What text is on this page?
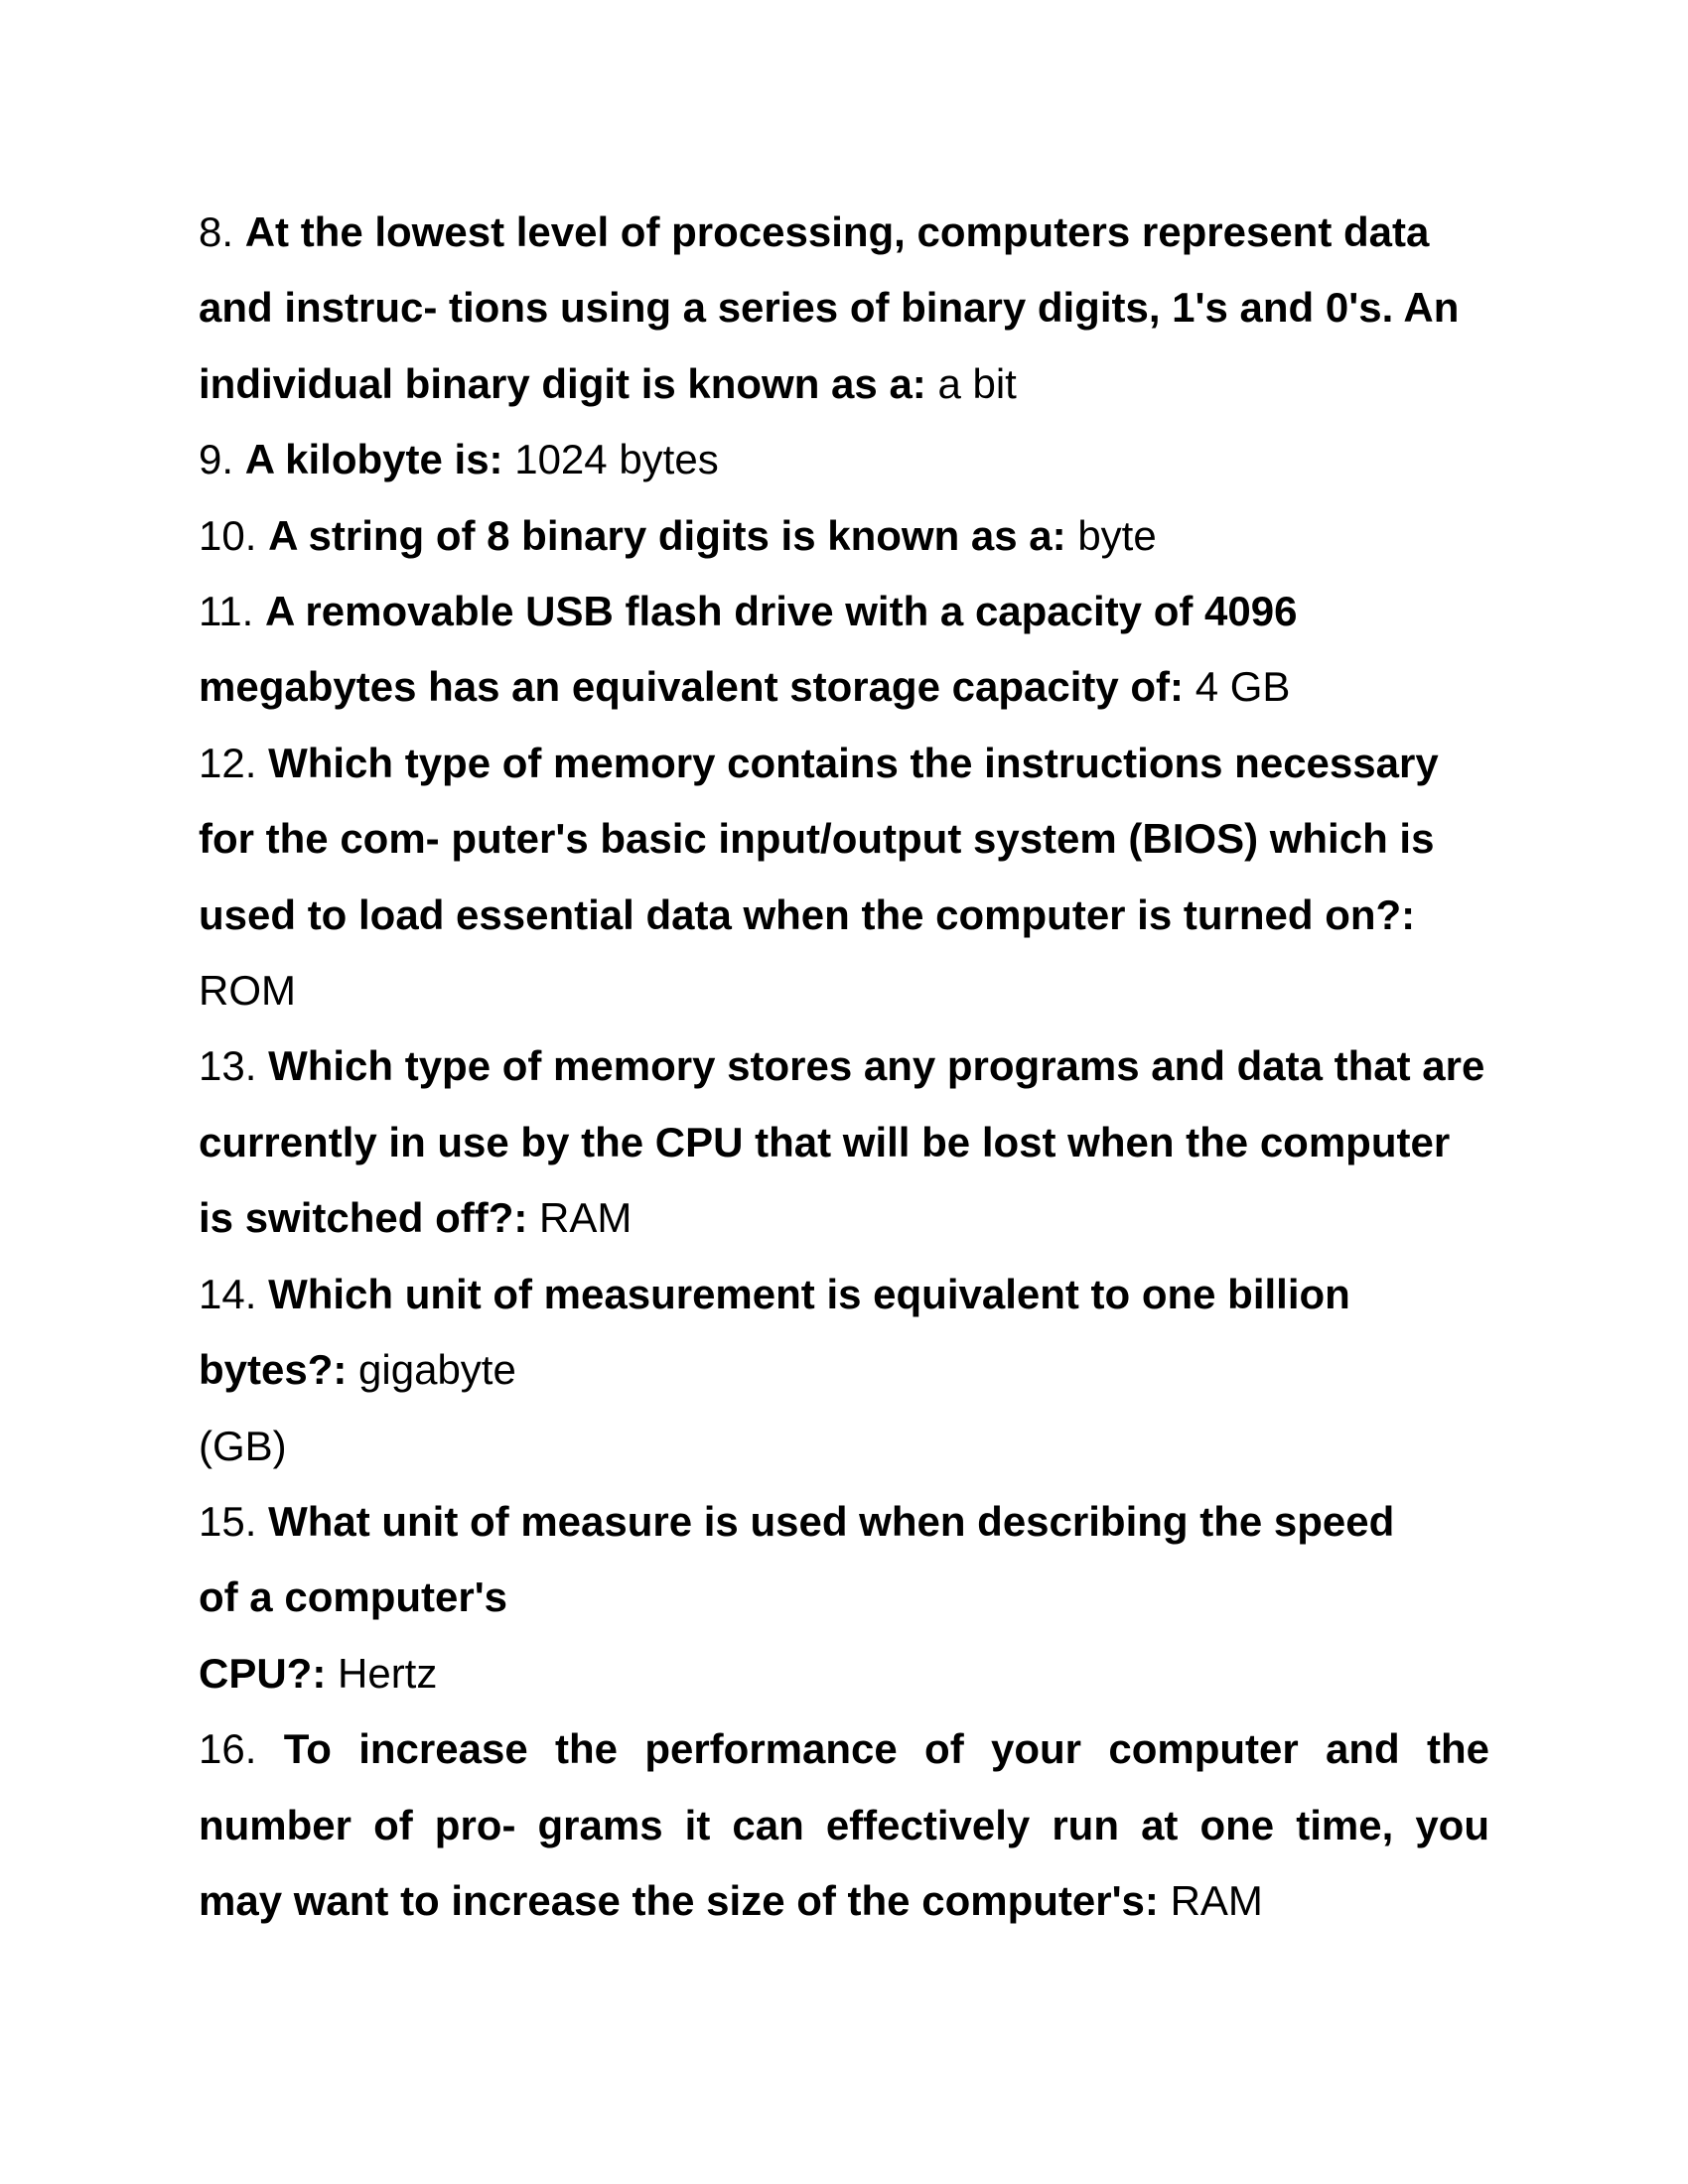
8. At the lowest level of processing, computers represent data and instruc- tions using a series of binary digits, 1's and 0's. An individual binary digit is known as a: a bit
9. A kilobyte is: 1024 bytes
10. A string of 8 binary digits is known as a: byte
11. A removable USB flash drive with a capacity of 4096 megabytes has an equivalent storage capacity of: 4 GB
12. Which type of memory contains the instructions necessary for the com- puter's basic input/output system (BIOS) which is used to load essential data when the computer is turned on?: ROM
13. Which type of memory stores any programs and data that are currently in use by the CPU that will be lost when the computer is switched off?: RAM
14. Which unit of measurement is equivalent to one billion
bytes?: gigabyte
(GB)
15. What unit of measure is used when describing the speed
of a computer's
CPU?: Hertz
16. To increase the performance of your computer and the
number of pro- grams it can effectively run at one time, you
may want to increase the size of the computer's: RAM
